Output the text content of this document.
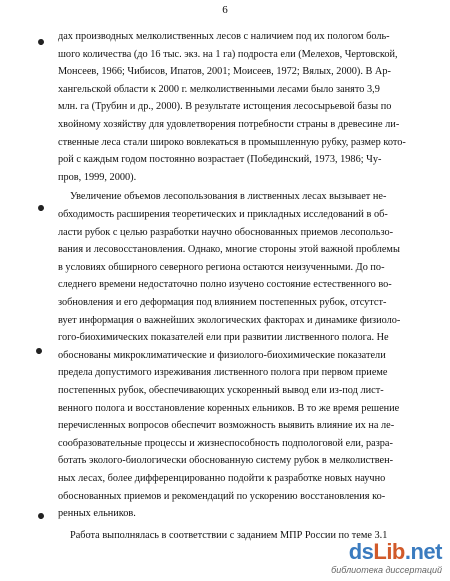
6
дах производных мелколиственных лесов с наличием под их пологом боль-
шого количества (до 16 тыс. экз. на 1 га) подроста ели (Мелехов, Чертовской,
Монсеев, 1966; Чибисов, Ипатов, 2001; Моисеев, 1972; Вялых, 2000). В Ар-
хангельской области к 2000 г. мелколиственными лесами было занято 3,9
млн. га (Трубин и др., 2000). В результате истощения лесосырьевой базы по
хвойному хозяйству для удовлетворения потребности страны в древесине ли-
ственные леса стали широко вовлекаться в промышленную рубку, размер кото-
рой с каждым годом постоянно возрастает (Побединский, 1973, 1986; Чу-
пров, 1999, 2000).
Увеличение объемов лесопользования в лиственных лесах вызывает не-
обходимость расширения теоретических и прикладных исследований в об-
ласти рубок с целью разработки научно обоснованных приемов лесопользо-
вания и лесовосстановления. Однако, многие стороны этой важной проблемы
в условиях обширного северного региона остаются неизученными. До по-
следнего времени недостаточно полно изучено состояние естественного во-
зобновления и его деформация под влиянием постепенных рубок, отсутст-
вует информация о важнейших экологических факторах и динамике физиоло-
гого-биохимических показателей ели при развитии лиственного полога. Не
обоснованы микроклиматические и физиолого-биохимические показатели
предела допустимого изреживания лиственного полога при первом приеме
постепенных рубок, обеспечивающих ускоренный вывод ели из-под лист-
венного полога и восстановление коренных ельников. В то же время решение
перечисленных вопросов обеспечит возможность выявить влияние их на ле-
сообразовательные процессы и жизнеспособность подпологовой ели, разра-
ботать эколого-биологически обоснованную систему рубок в мелколиствен-
ных лесах, более дифференцированно подойти к разработке новых научно
обоснованных приемов и рекомендаций по ускорению восстановления ко-
ренных ельников.
Работа выполнялась в соответствии с заданием МПР России по теме 3.1
dsLib.net
библиотека диссертаций
